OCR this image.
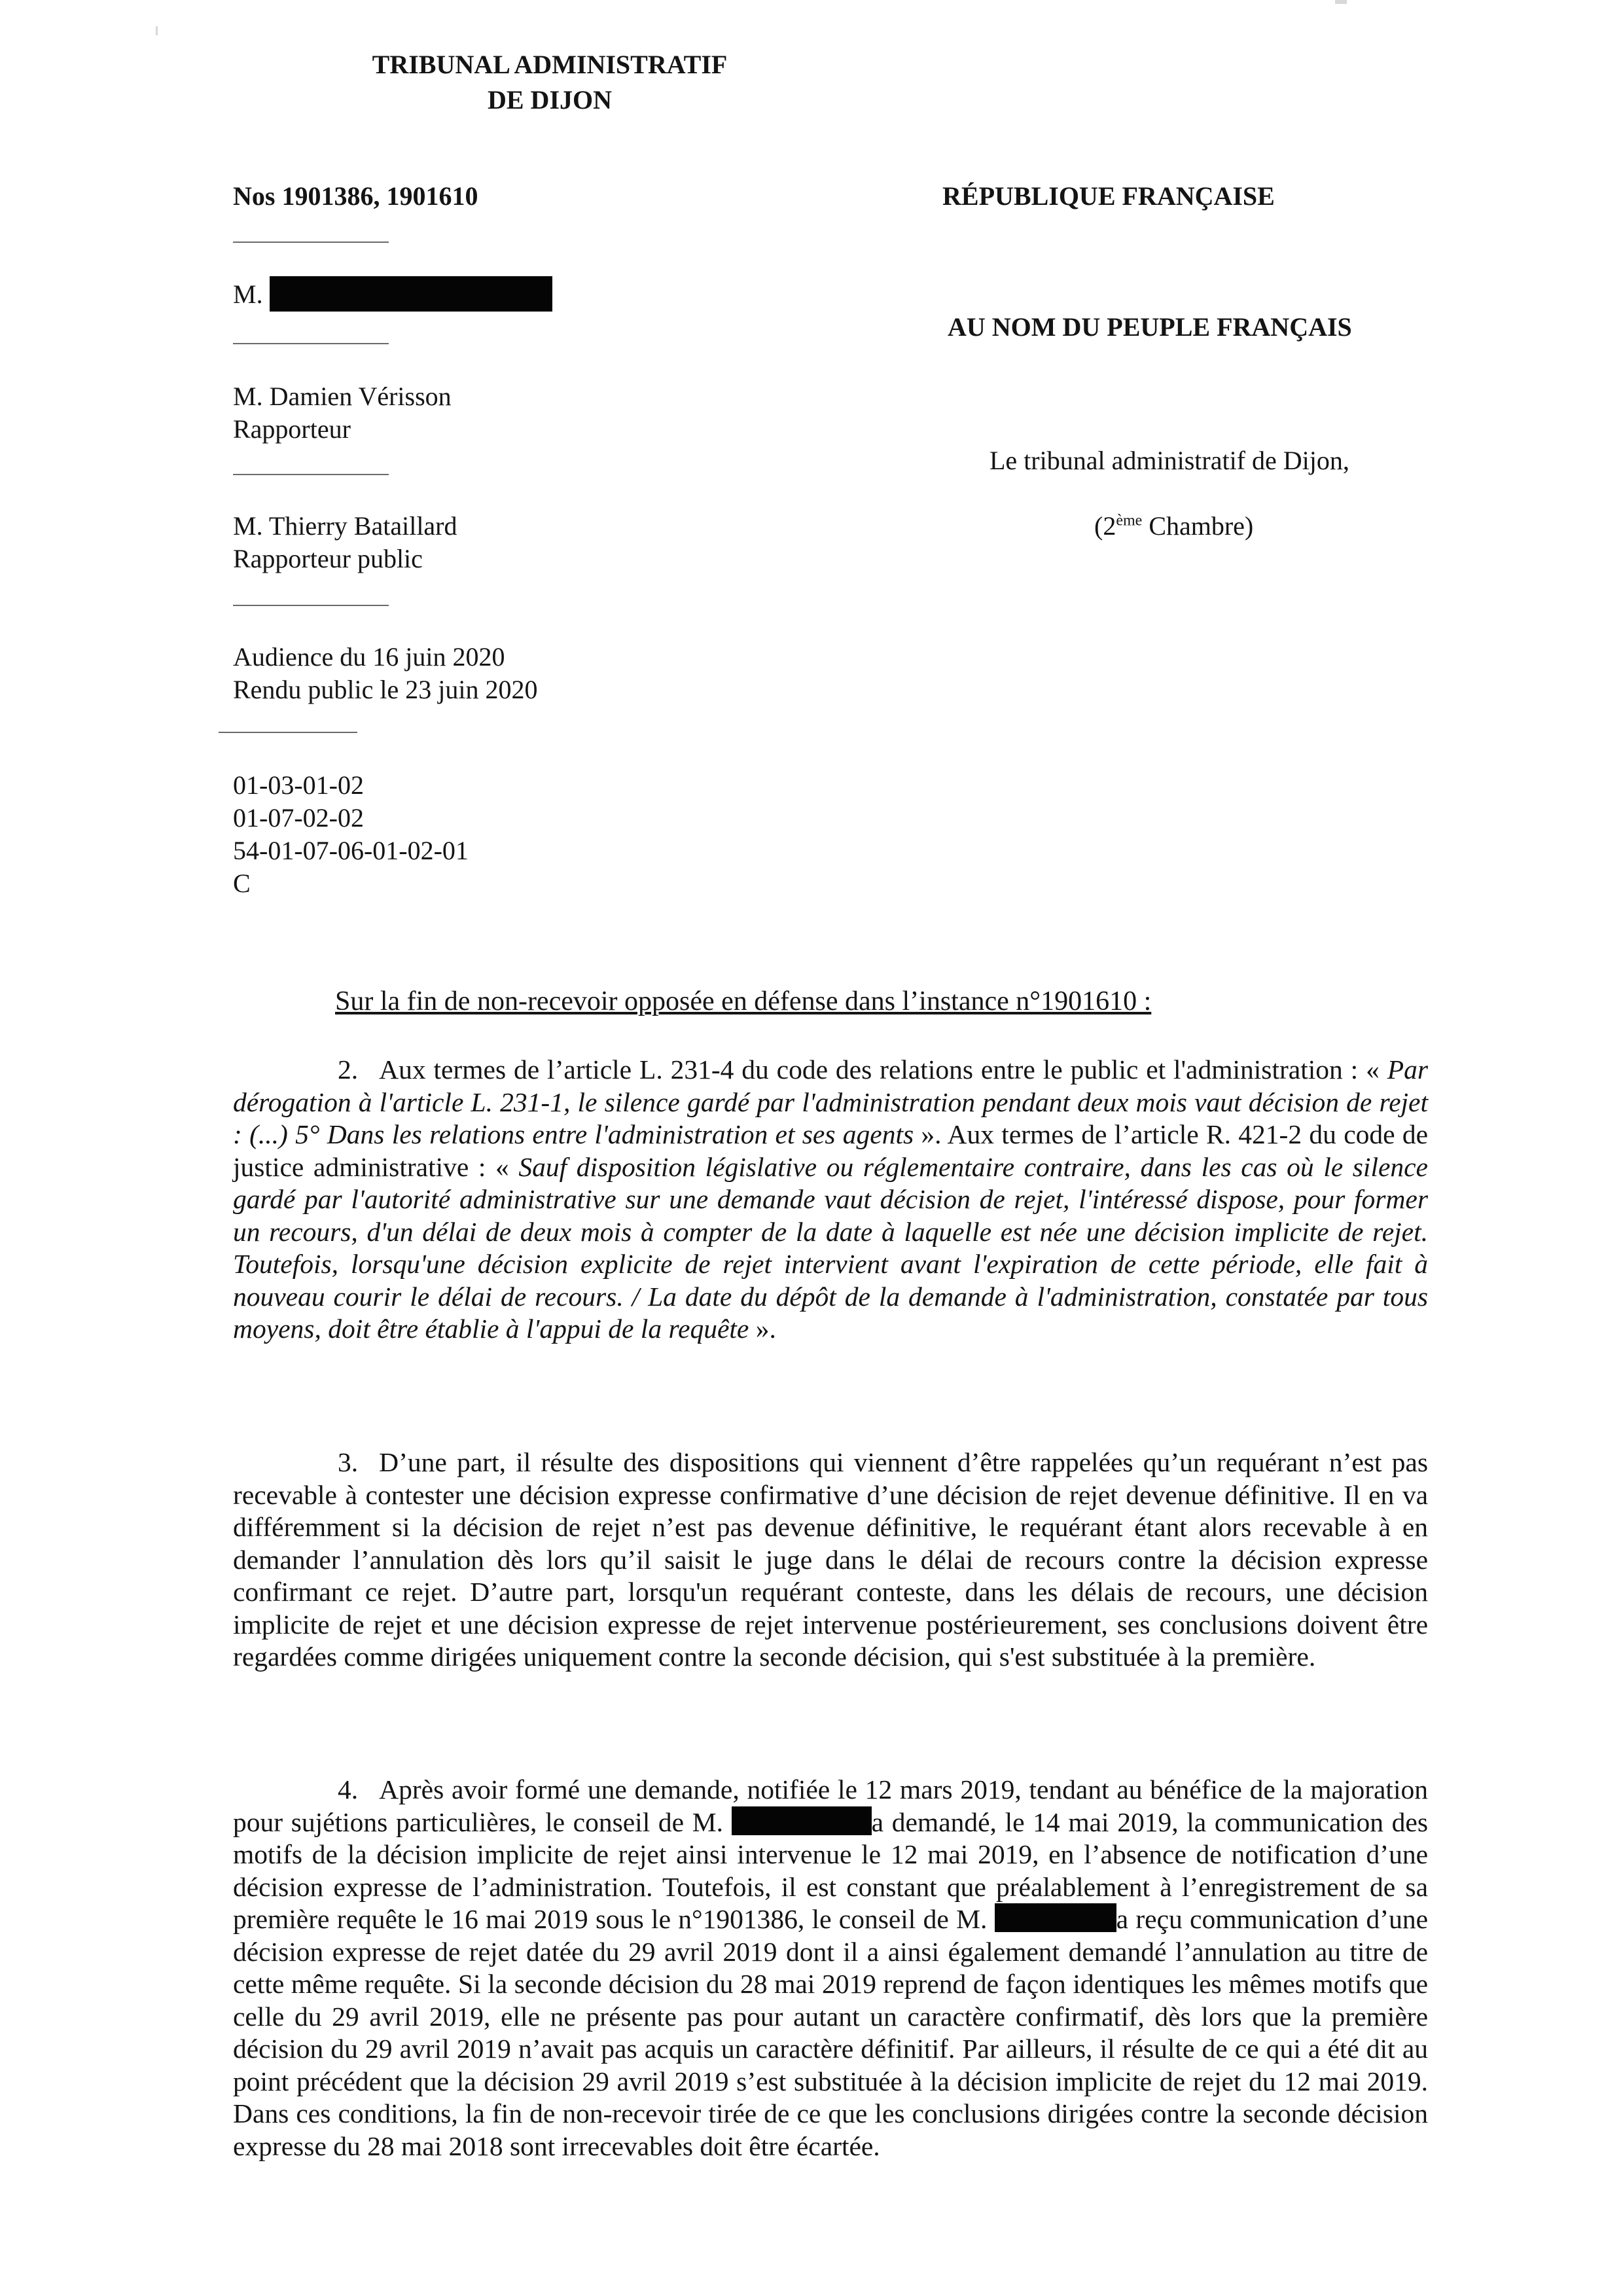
TRIBUNAL ADMINISTRATIF
DE DIJON
Nos 1901386, 1901610	RÉPUBLIQUE FRANÇAISE
AU NOM DU PEUPLE FRANÇAIS
M.
M. Damien Vérisson
Rapporteur
Le tribunal administratif de Dijon,
(2ème Chambre)
M. Thierry Bataillard
Rapporteur public
Audience du 16 juin 2020
Rendu public le 23 juin 2020
01-03-01-02
01-07-02-02
54-01-07-06-01-02-01
C
Sur la fin de non-recevoir opposée en défense dans l’instance n°1901610 :
2. Aux termes de l’article L. 231-4 du code des relations entre le public et l'administration : « Par dérogation à l'article L. 231-1, le silence gardé par l'administration pendant deux mois vaut décision de rejet : (...) 5° Dans les relations entre l'administration et ses agents ». Aux termes de l’article R. 421-2 du code de justice administrative : « Sauf disposition législative ou réglementaire contraire, dans les cas où le silence gardé par l'autorité administrative sur une demande vaut décision de rejet, l'intéressé dispose, pour former un recours, d'un délai de deux mois à compter de la date à laquelle est née une décision implicite de rejet. Toutefois, lorsqu'une décision explicite de rejet intervient avant l'expiration de cette période, elle fait à nouveau courir le délai de recours. / La date du dépôt de la demande à l'administration, constatée par tous moyens, doit être établie à l'appui de la requête ».
3. D’une part, il résulte des dispositions qui viennent d’être rappelées qu’un requérant n’est pas recevable à contester une décision expresse confirmative d’une décision de rejet devenue définitive. Il en va différemment si la décision de rejet n’est pas devenue définitive, le requérant étant alors recevable à en demander l’annulation dès lors qu’il saisit le juge dans le délai de recours contre la décision expresse confirmant ce rejet. D’autre part, lorsqu'un requérant conteste, dans les délais de recours, une décision implicite de rejet et une décision expresse de rejet intervenue postérieurement, ses conclusions doivent être regardées comme dirigées uniquement contre la seconde décision, qui s'est substituée à la première.
4. Après avoir formé une demande, notifiée le 12 mars 2019, tendant au bénéfice de la majoration pour sujétions particulières, le conseil de M.	a demandé, le 14 mai 2019, la communication des motifs de la décision implicite de rejet ainsi intervenue le 12 mai 2019, en l’absence de notification d’une décision expresse de l’administration. Toutefois, il est constant que préalablement à l’enregistrement de sa première requête le 16 mai 2019 sous le n°1901386, le conseil de M.	a reçu communication d’une décision expresse de rejet datée du 29 avril 2019 dont il a ainsi également demandé l’annulation au titre de cette même requête. Si la seconde décision du 28 mai 2019 reprend de façon identiques les mêmes motifs que celle du 29 avril 2019, elle ne présente pas pour autant un caractère confirmatif, dès lors que la première décision du 29 avril 2019 n’avait pas acquis un caractère définitif. Par ailleurs, il résulte de ce qui a été dit au point précédent que la décision 29 avril 2019 s’est substituée à la décision implicite de rejet du 12 mai 2019. Dans ces conditions, la fin de non-recevoir tirée de ce que les conclusions dirigées contre la seconde décision expresse du 28 mai 2018 sont irrecevables doit être écartée.
